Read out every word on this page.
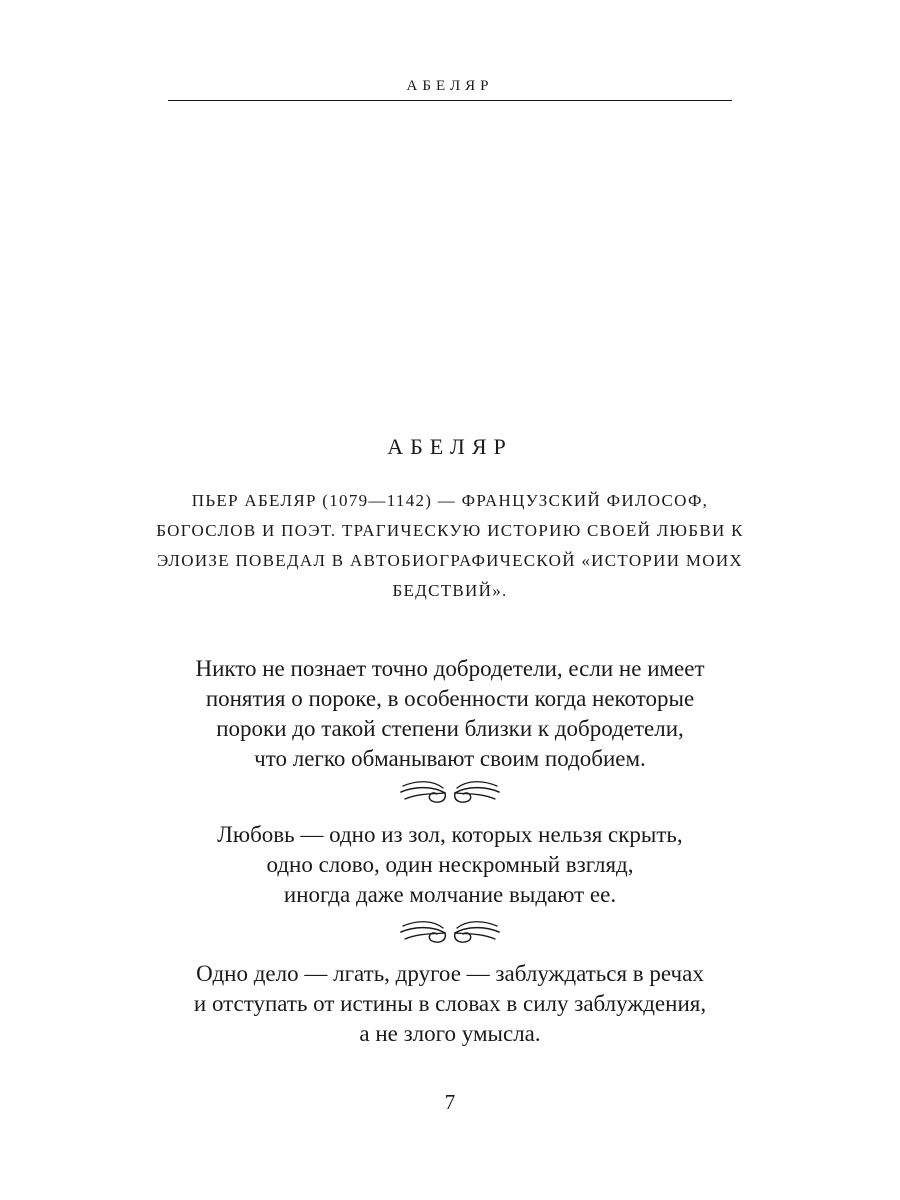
АБЕЛЯР
АБЕЛЯР
ПЬЕР АБЕЛЯР (1079—1142) — ФРАНЦУЗСКИЙ ФИЛОСОФ, БОГОСЛОВ И ПОЭТ. ТРАГИЧЕСКУЮ ИСТОРИЮ СВОЕЙ ЛЮБВИ К ЭЛОИЗЕ ПОВЕДАЛ В АВТОБИОГРАФИЧЕСКОЙ «ИСТОРИИ МОИХ БЕДСТВИЙ».
Никто не познает точно добродетели, если не имеет
понятия о пороке, в особенности когда некоторые
пороки до такой степени близки к добродетели,
что легко обманывают своим подобием.
Любовь — одно из зол, которых нельзя скрыть,
одно слово, один нескромный взгляд,
иногда даже молчание выдают ее.
Одно дело — лгать, другое — заблуждаться в речах
и отступать от истины в словах в силу заблуждения,
а не злого умысла.
7
